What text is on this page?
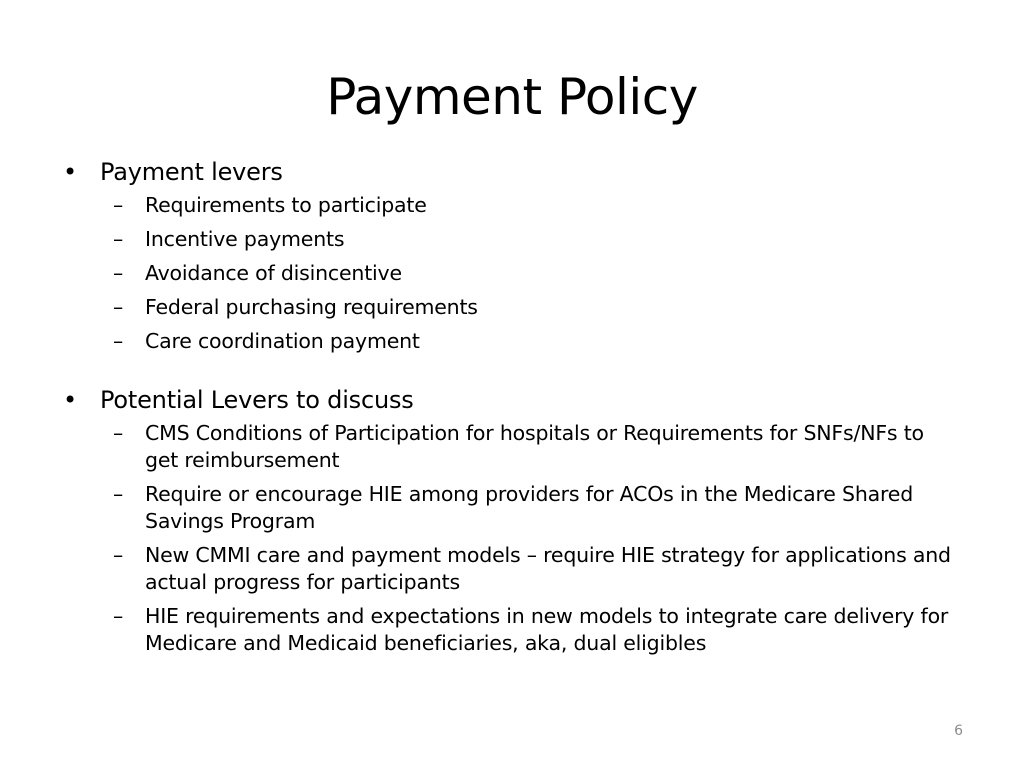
Payment Policy
• Payment levers
–	Requirements to participate
–	Incentive payments
–	Avoidance of disincentive
–	Federal purchasing requirements
–	Care coordination payment
• Potential Levers to discuss
–	CMS Conditions of Participation for hospitals or Requirements for SNFs/NFs to get reimbursement
–	Require or encourage HIE among providers for ACOs in the Medicare Shared Savings Program
–	New CMMI care and payment models – require HIE strategy for applications and actual progress for participants
–	HIE requirements and expectations in new models to integrate care delivery for Medicare and Medicaid beneficiaries, aka, dual eligibles
6
